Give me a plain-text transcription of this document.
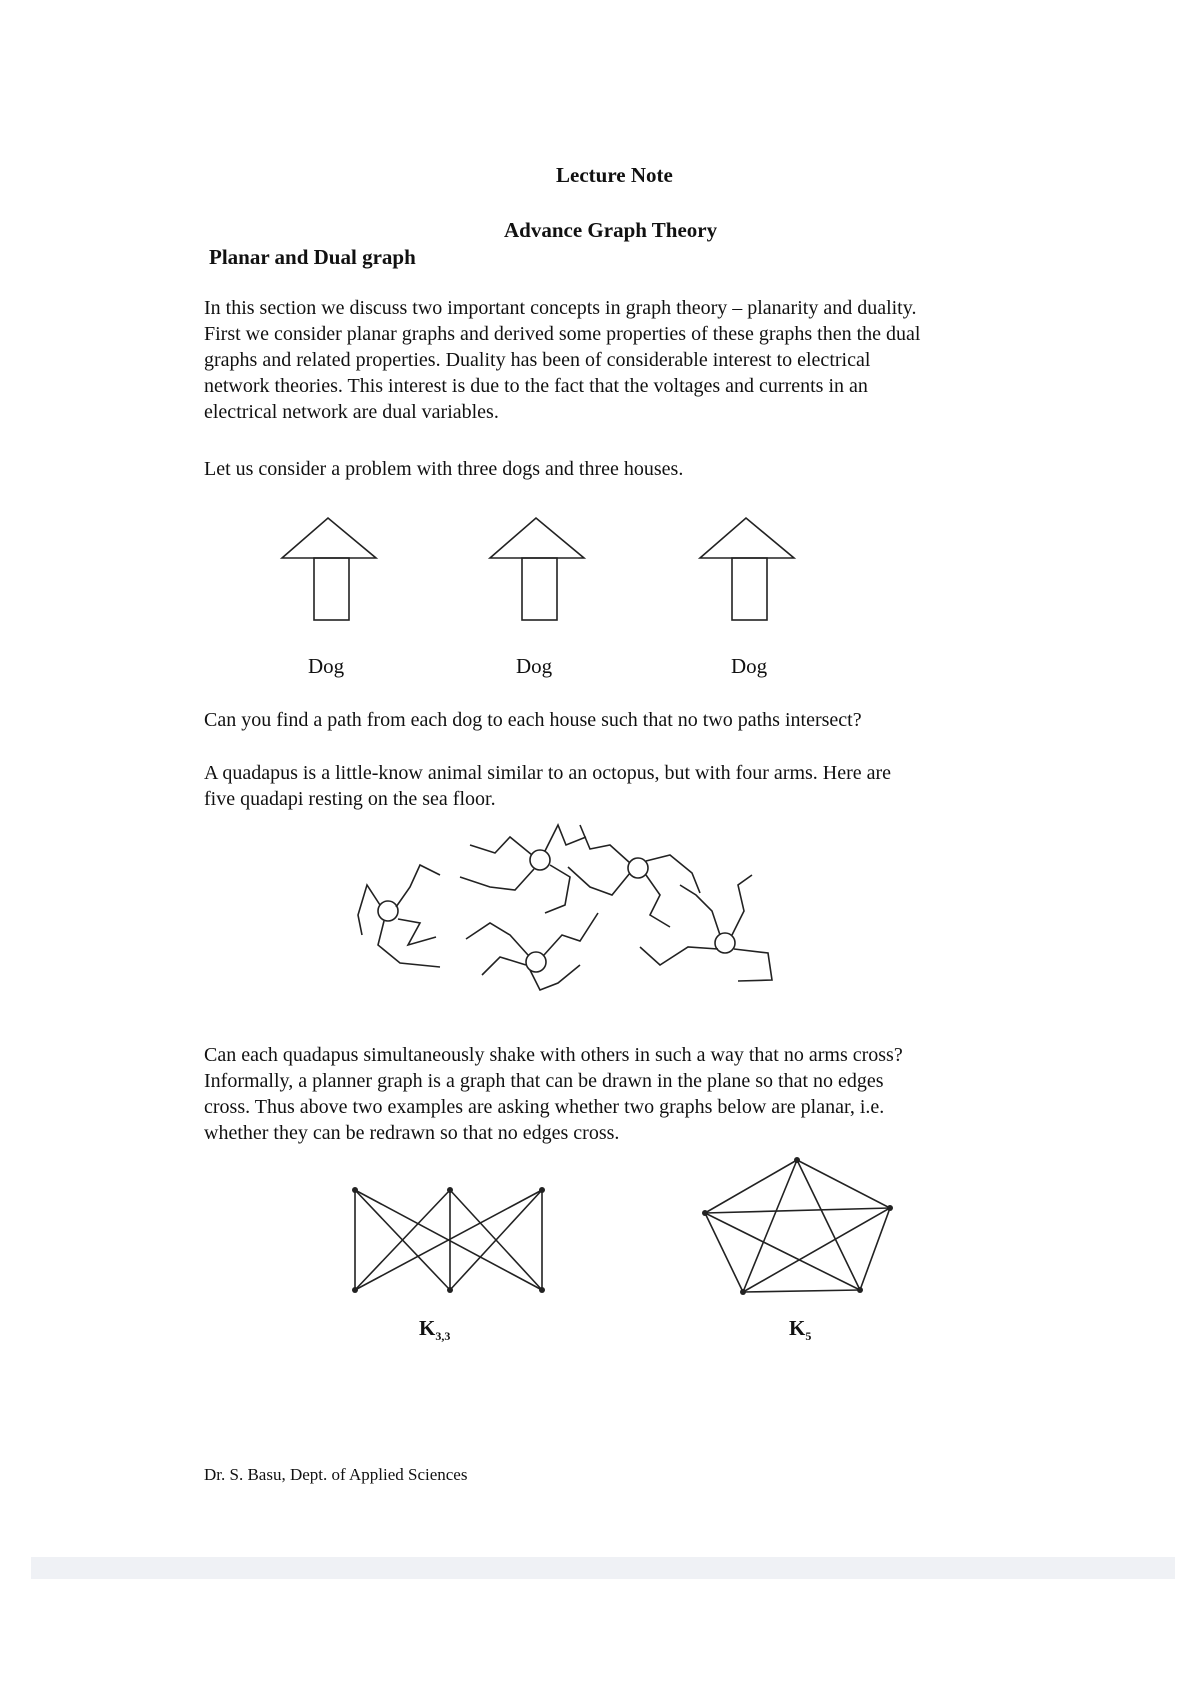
Lecture Note
Advance Graph Theory
Planar and Dual graph
In this section we discuss two important concepts in graph theory – planarity and duality.
First we consider planar graphs and derived some properties of these graphs then the dual
graphs and related properties. Duality has been of considerable interest to electrical
network theories. This interest is due to the fact that the voltages and currents in an
electrical network are dual variables.
Let us consider a problem with three dogs and three houses.
Dog	Dog	Dog
Can you find a path from each dog to each house such that no two paths intersect?
A quadapus is a little-know animal similar to an octopus, but with four arms. Here are
five quadapi resting on the sea floor.
Can each quadapus simultaneously shake with others in such a way that no arms cross?
Informally, a planner graph is a graph that can be drawn in the plane so that no edges
cross. Thus above two examples are asking whether two graphs below are planar, i.e.
whether they can be redrawn so that no edges cross.
$K_{3,3}$	$K_5$
Dr. S. Basu, Dept. of Applied Sciences
